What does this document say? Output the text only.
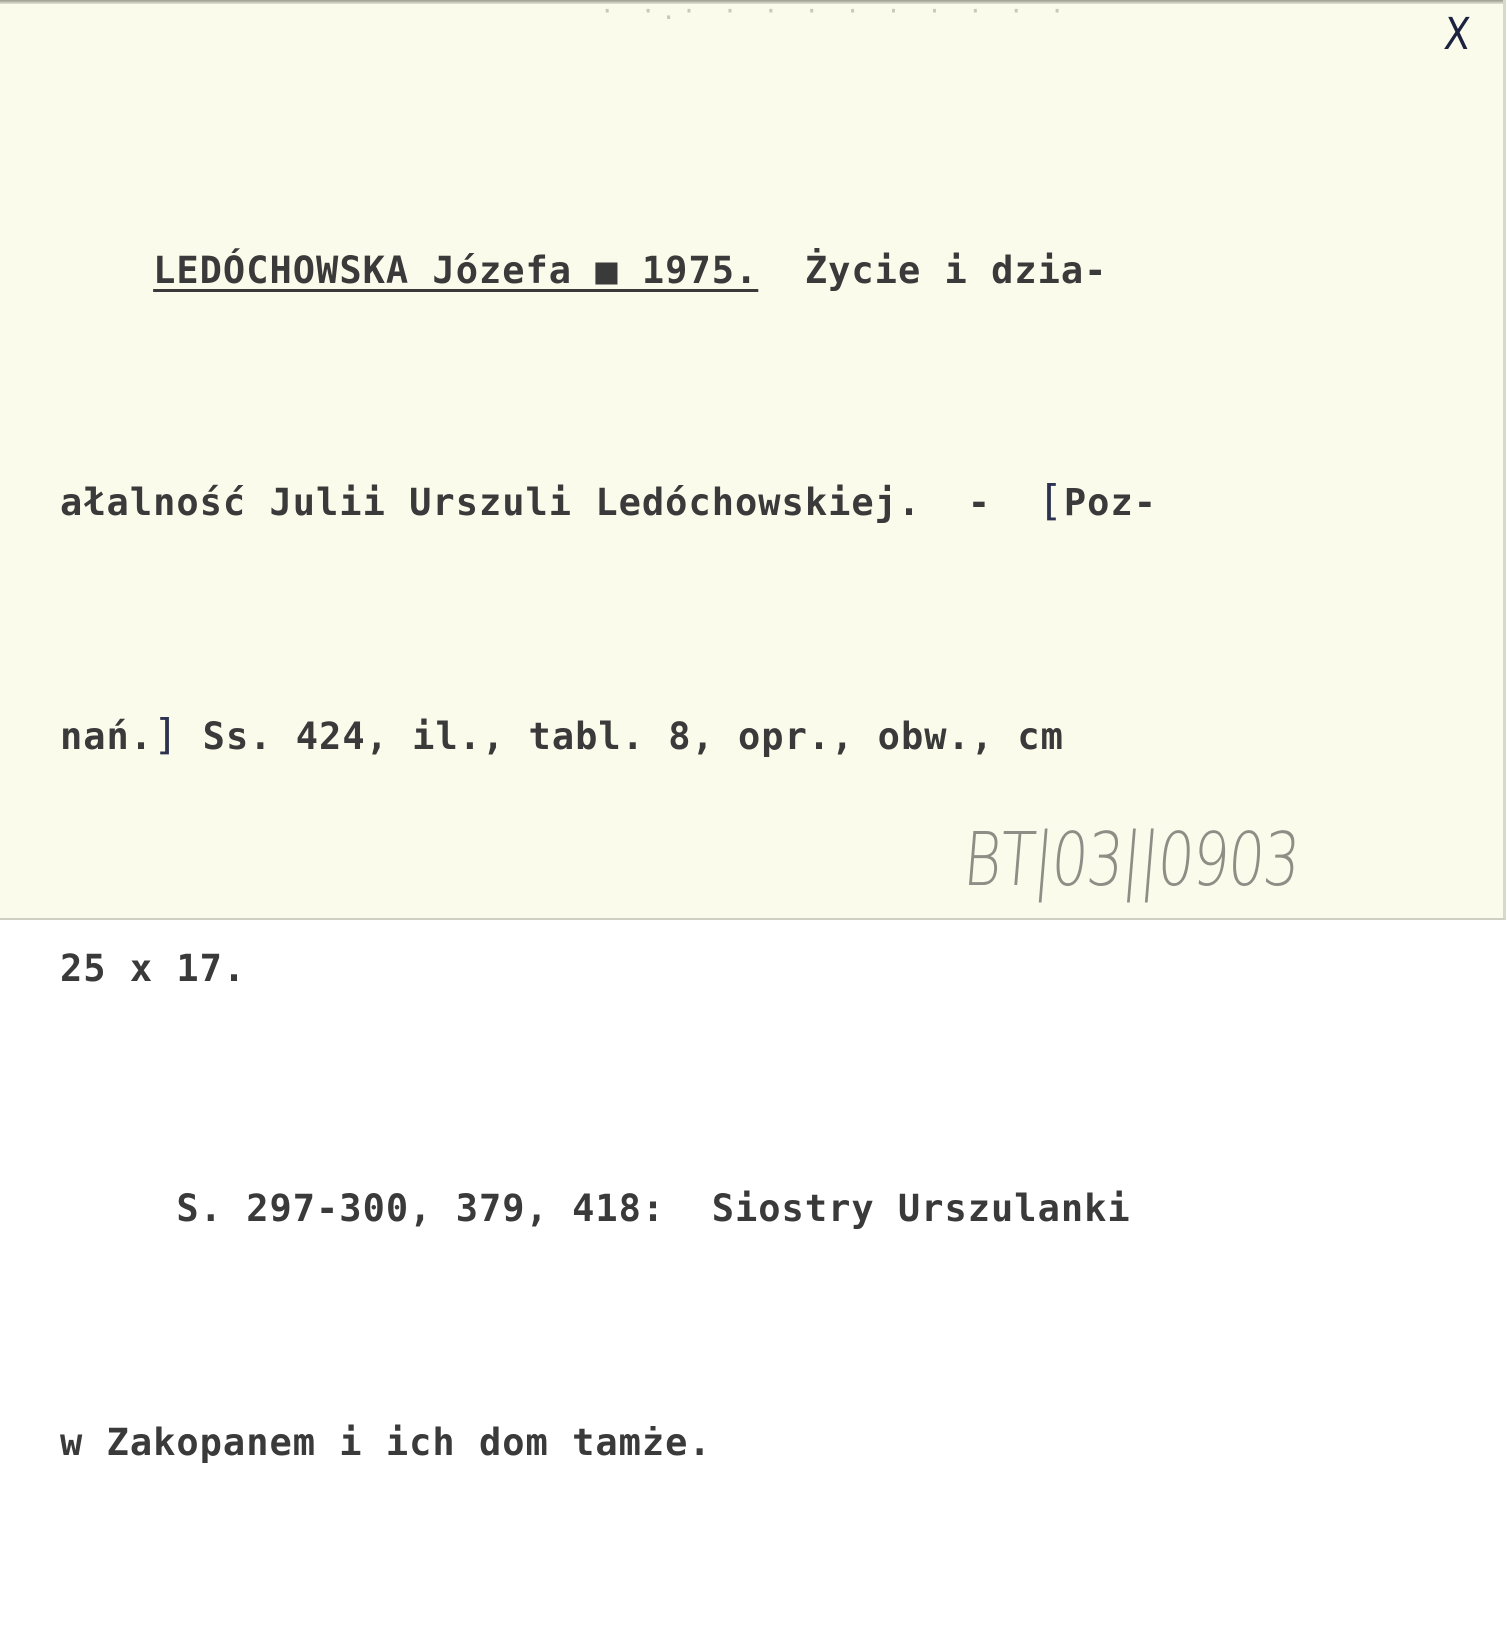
· ·.· · · · · · · · · ·	X

LEDÓCHOWSKA Józefa ■ 1975. Życie i dzia-

ałalność Julii Urszuli Ledóchowskiej.  -  [Poz-

nań.] Ss. 424, il., tabl. 8, opr., obw., cm

25 x 17.

S. 297-300, 379, 418:  Siostry Urszulanki

w Zakopanem i ich dom tamże.

BT|03||0903
